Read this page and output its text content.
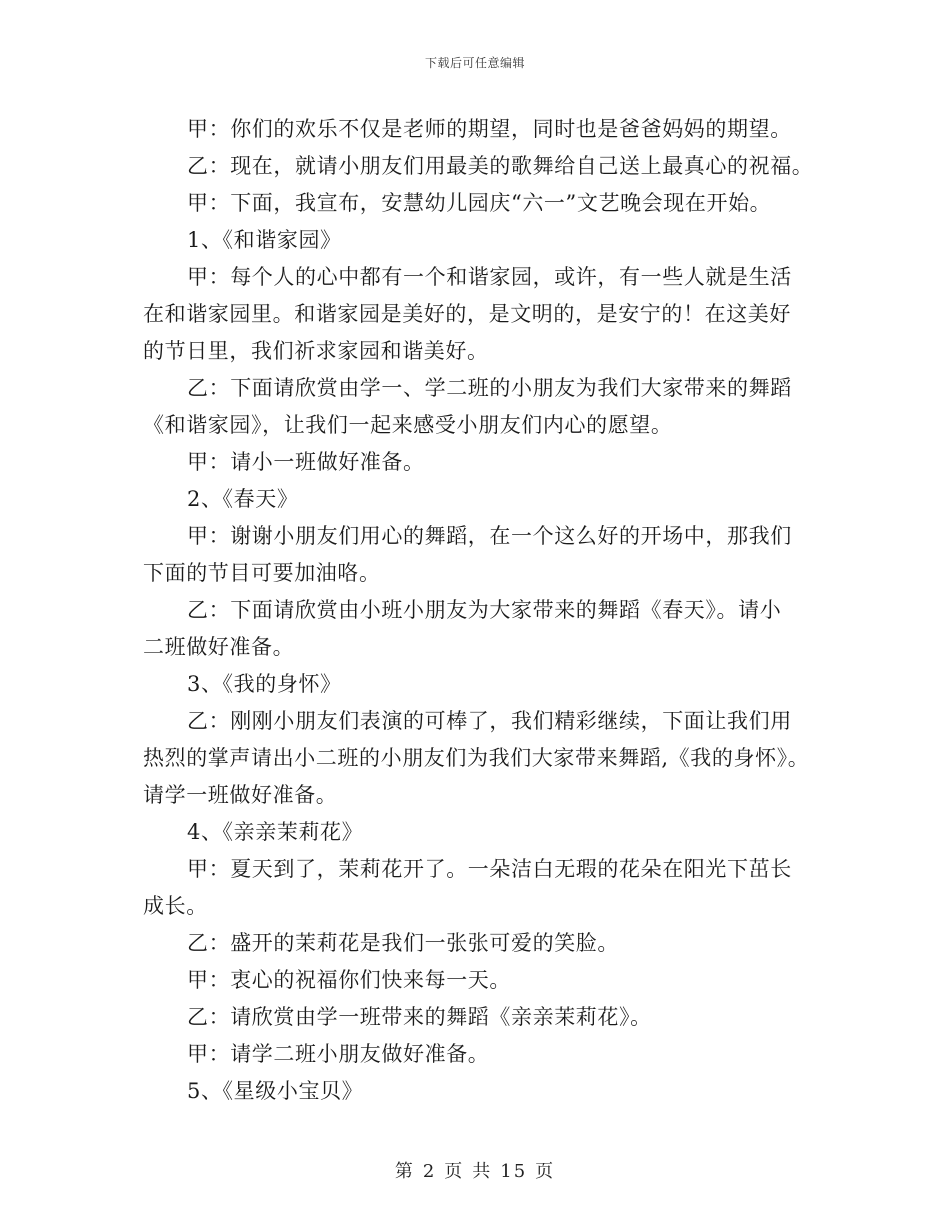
下载后可任意编辑
甲：你们的欢乐不仅是老师的期望，同时也是爸爸妈妈的期望。
乙：现在，就请小朋友们用最美的歌舞给自己送上最真心的祝福。
甲：下面，我宣布，安慧幼儿园庆“六一”文艺晚会现在开始。
1、《和谐家园》
甲：每个人的心中都有一个和谐家园，或许，有一些人就是生活
在和谐家园里。和谐家园是美好的，是文明的，是安宁的！在这美好
的节日里，我们祈求家园和谐美好。
乙：下面请欣赏由学一、学二班的小朋友为我们大家带来的舞蹈
《和谐家园》，让我们一起来感受小朋友们内心的愿望。
甲：请小一班做好准备。
2、《春天》
甲：谢谢小朋友们用心的舞蹈，在一个这么好的开场中，那我们
下面的节目可要加油咯。
乙：下面请欣赏由小班小朋友为大家带来的舞蹈《春天》。请小
二班做好准备。
3、《我的身怀》
乙：刚刚小朋友们表演的可棒了，我们精彩继续，下面让我们用
热烈的掌声请出小二班的小朋友们为我们大家带来舞蹈,《我的身怀》。
请学一班做好准备。
4、《亲亲茉莉花》
甲：夏天到了，茉莉花开了。一朵洁白无瑕的花朵在阳光下茁长
成长。
乙：盛开的茉莉花是我们一张张可爱的笑脸。
甲：衷心的祝福你们快来每一天。
乙：请欣赏由学一班带来的舞蹈《亲亲茉莉花》。
甲：请学二班小朋友做好准备。
5、《星级小宝贝》
第 2 页 共 15 页
